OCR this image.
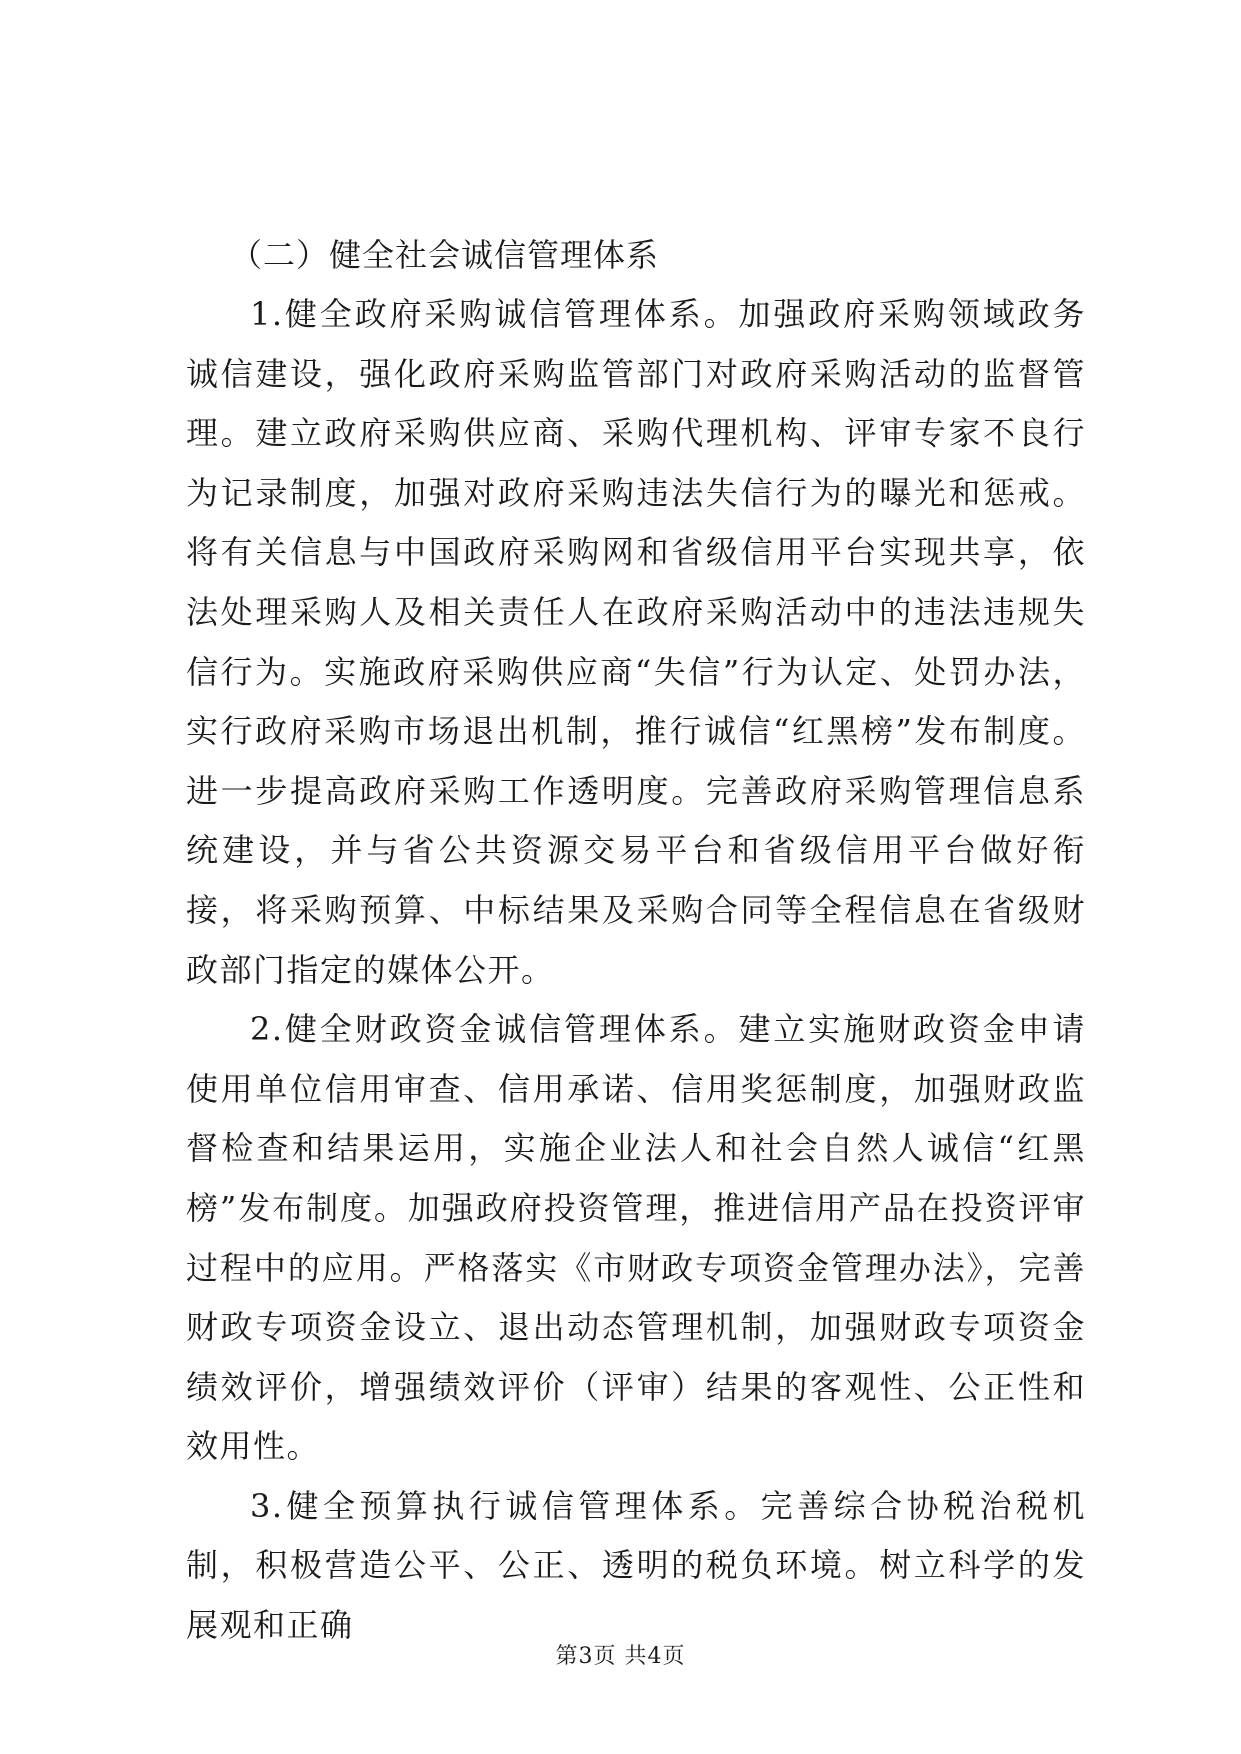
（二）健全社会诚信管理体系

1.健全政府采购诚信管理体系。加强政府采购领域政务诚信建设，强化政府采购监管部门对政府采购活动的监督管理。建立政府采购供应商、采购代理机构、评审专家不良行为记录制度，加强对政府采购违法失信行为的曝光和惩戒。将有关信息与中国政府采购网和省级信用平台实现共享，依法处理采购人及相关责任人在政府采购活动中的违法违规失信行为。实施政府采购供应商“失信”行为认定、处罚办法，实行政府采购市场退出机制，推行诚信“红黑榜”发布制度。进一步提高政府采购工作透明度。完善政府采购管理信息系统建设，并与省公共资源交易平台和省级信用平台做好衔接，将采购预算、中标结果及采购合同等全程信息在省级财政部门指定的媒体公开。

2.健全财政资金诚信管理体系。建立实施财政资金申请使用单位信用审查、信用承诺、信用奖惩制度，加强财政监督检查和结果运用，实施企业法人和社会自然人诚信“红黑榜”发布制度。加强政府投资管理，推进信用产品在投资评审过程中的应用。严格落实《市财政专项资金管理办法》，完善财政专项资金设立、退出动态管理机制，加强财政专项资金绩效评价，增强绩效评价（评审）结果的客观性、公正性和效用性。

3.健全预算执行诚信管理体系。完善综合协税治税机制，积极营造公平、公正、透明的税负环境。树立科学的发展观和正确

第3页 共4页
